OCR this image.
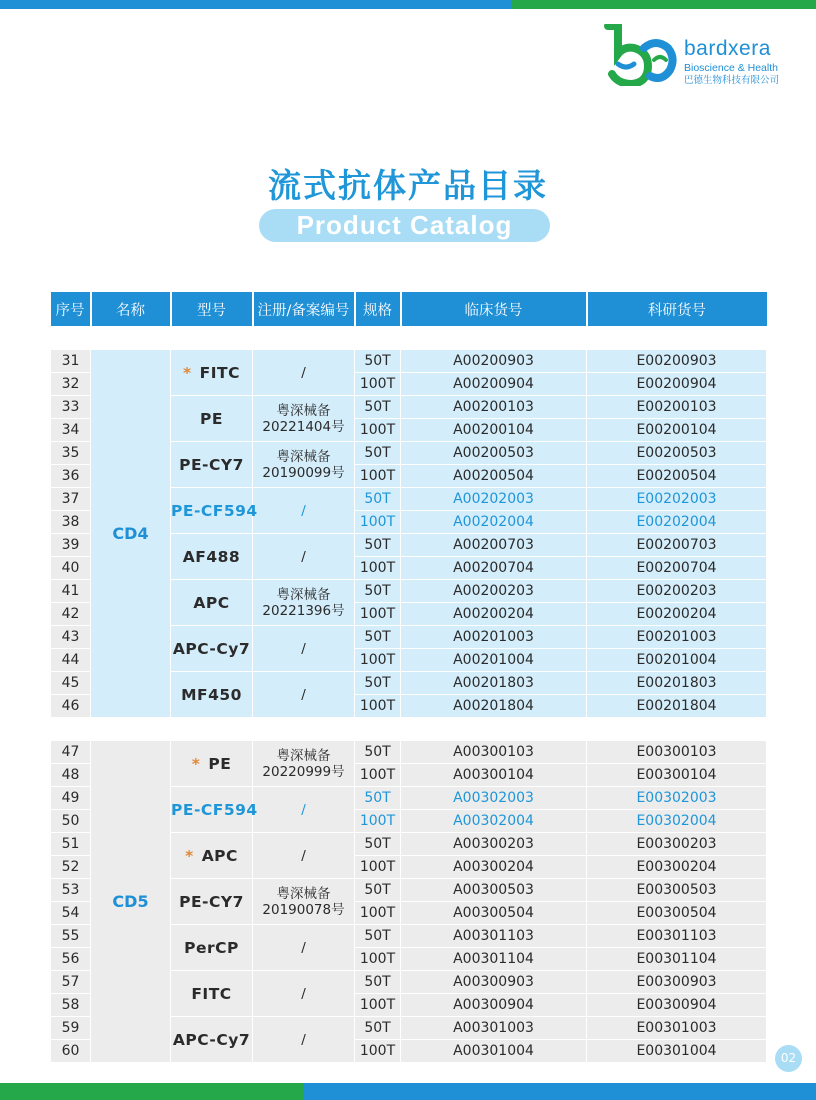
bardxera
Bioscience & Health
巴德生物科技有限公司
流式抗体产品目录
Product Catalog
序号	名称	型号	注册/备案编号	规格	临床货号	科研货号

31	CD4	* FITC	/	50T	A00200903	E00200903
32				100T	A00200904	E00200904
33		PE	粤深械备
20221404号	50T	A00200103	E00200103
34				100T	A00200104	E00200104
35		PE-CY7	粤深械备
20190099号	50T	A00200503	E00200503
36				100T	A00200504	E00200504
37		PE-CF594	/	50T	A00202003	E00202003
38				100T	A00202004	E00202004
39		AF488	/	50T	A00200703	E00200703
40				100T	A00200704	E00200704
41		APC	粤深械备
20221396号	50T	A00200203	E00200203
42				100T	A00200204	E00200204
43		APC-Cy7	/	50T	A00201003	E00201003
44				100T	A00201004	E00201004
45		MF450	/	50T	A00201803	E00201803
46				100T	A00201804	E00201804

47	CD5	* PE	粤深械备
20220999号	50T	A00300103	E00300103
48				100T	A00300104	E00300104
49		PE-CF594	/	50T	A00302003	E00302003
50				100T	A00302004	E00302004
51		* APC	/	50T	A00300203	E00300203
52				100T	A00300204	E00300204
53		PE-CY7	粤深械备
20190078号	50T	A00300503	E00300503
54				100T	A00300504	E00300504
55		PerCP	/	50T	A00301103	E00301103
56				100T	A00301104	E00301104
57		FITC	/	50T	A00300903	E00300903
58				100T	A00300904	E00300904
59		APC-Cy7	/	50T	A00301003	E00301003
60				100T	A00301004	E00301004	02
